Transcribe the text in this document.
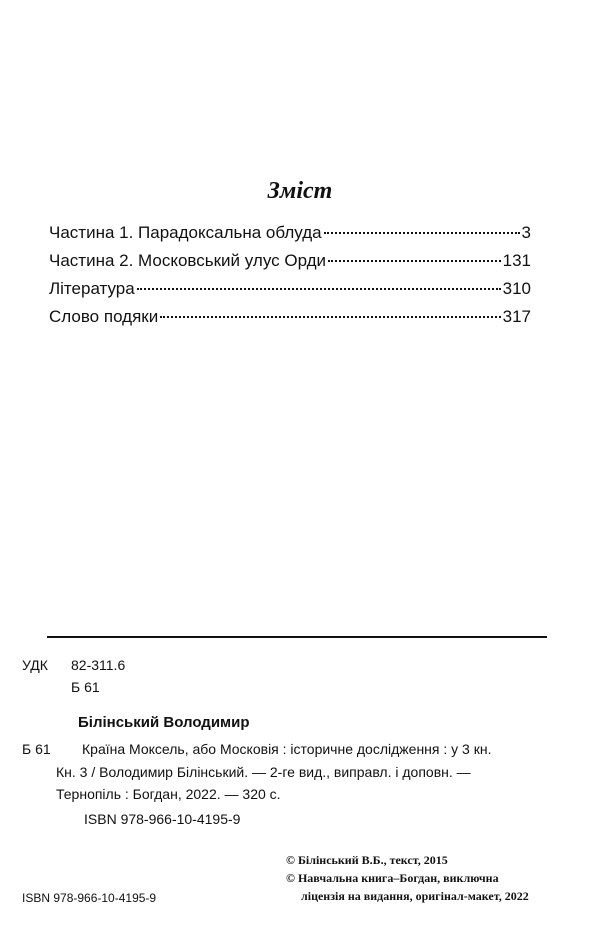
Зміст
Частина 1. Парадоксальна облуда	3
Частина 2. Московський улус Орди	131
Література	310
Слово подяки	317
УДК 82-311.6
Б 61
Білінський Володимир
Б 61 Країна Моксель, або Московія : історичне дослідження : у 3 кн.
Кн. 3 / Володимир Білінський. — 2-ге вид., виправл. і доповн. —
Тернопіль : Богдан, 2022. — 320 с.
ISBN 978-966-10-4195-9
© Білінський В.Б., текст, 2015
© Навчальна книга–Богдан, виключна
ліцензія на видання, оригінал-макет, 2022
ISBN 978-966-10-4195-9
